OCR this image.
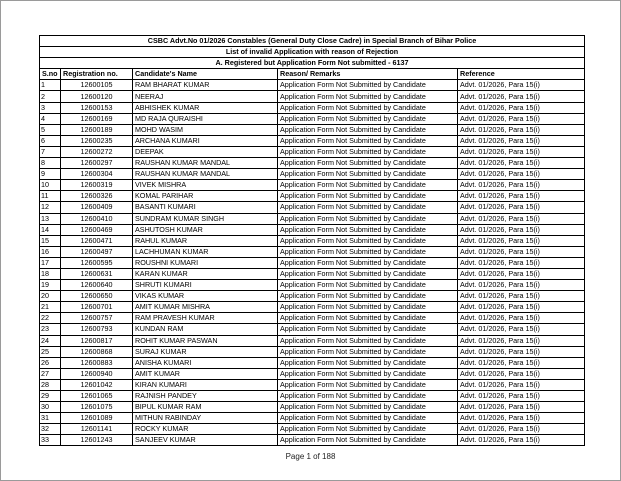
CSBC Advt.No 01/2026 Constables (General Duty Close Cadre) in Special Branch of Bihar Police				
List of invalid Application with reason of Rejection				
A. Registered but Application Form Not submitted - 6137				
S.no	Registration no.	Candidate's Name	Reason/ Remarks	Reference
1	12600105	RAM BHARAT KUMAR	Application Form Not Submitted by Candidate	Advt. 01/2026, Para 15(i)
2	12600120	NEERAJ	Application Form Not Submitted by Candidate	Advt. 01/2026, Para 15(i)
3	12600153	ABHISHEK KUMAR	Application Form Not Submitted by Candidate	Advt. 01/2026, Para 15(i)
4	12600169	MD RAJA QURAISHI	Application Form Not Submitted by Candidate	Advt. 01/2026, Para 15(i)
5	12600189	MOHD WASIM	Application Form Not Submitted by Candidate	Advt. 01/2026, Para 15(i)
6	12600235	ARCHANA KUMARI	Application Form Not Submitted by Candidate	Advt. 01/2026, Para 15(i)
7	12600272	DEEPAK	Application Form Not Submitted by Candidate	Advt. 01/2026, Para 15(i)
8	12600297	RAUSHAN KUMAR MANDAL	Application Form Not Submitted by Candidate	Advt. 01/2026, Para 15(i)
9	12600304	RAUSHAN KUMAR MANDAL	Application Form Not Submitted by Candidate	Advt. 01/2026, Para 15(i)
10	12600319	VIVEK MISHRA	Application Form Not Submitted by Candidate	Advt. 01/2026, Para 15(i)
11	12600326	KOMAL PARIHAR	Application Form Not Submitted by Candidate	Advt. 01/2026, Para 15(i)
12	12600409	BASANTI KUMARI	Application Form Not Submitted by Candidate	Advt. 01/2026, Para 15(i)
13	12600410	SUNDRAM KUMAR SINGH	Application Form Not Submitted by Candidate	Advt. 01/2026, Para 15(i)
14	12600469	ASHUTOSH KUMAR	Application Form Not Submitted by Candidate	Advt. 01/2026, Para 15(i)
15	12600471	RAHUL KUMAR	Application Form Not Submitted by Candidate	Advt. 01/2026, Para 15(i)
16	12600497	LACHHUMAN KUMAR	Application Form Not Submitted by Candidate	Advt. 01/2026, Para 15(i)
17	12600595	ROUSHNI KUMARI	Application Form Not Submitted by Candidate	Advt. 01/2026, Para 15(i)
18	12600631	KARAN KUMAR	Application Form Not Submitted by Candidate	Advt. 01/2026, Para 15(i)
19	12600640	SHRUTI KUMARI	Application Form Not Submitted by Candidate	Advt. 01/2026, Para 15(i)
20	12600650	VIKAS KUMAR	Application Form Not Submitted by Candidate	Advt. 01/2026, Para 15(i)
21	12600701	AMIT KUMAR MISHRA	Application Form Not Submitted by Candidate	Advt. 01/2026, Para 15(i)
22	12600757	RAM PRAVESH KUMAR	Application Form Not Submitted by Candidate	Advt. 01/2026, Para 15(i)
23	12600793	KUNDAN RAM	Application Form Not Submitted by Candidate	Advt. 01/2026, Para 15(i)
24	12600817	ROHIT KUMAR PASWAN	Application Form Not Submitted by Candidate	Advt. 01/2026, Para 15(i)
25	12600868	SURAJ KUMAR	Application Form Not Submitted by Candidate	Advt. 01/2026, Para 15(i)
26	12600883	ANISHA KUMARI	Application Form Not Submitted by Candidate	Advt. 01/2026, Para 15(i)
27	12600940	AMIT KUMAR	Application Form Not Submitted by Candidate	Advt. 01/2026, Para 15(i)
28	12601042	KIRAN KUMARI	Application Form Not Submitted by Candidate	Advt. 01/2026, Para 15(i)
29	12601065	RAJNISH PANDEY	Application Form Not Submitted by Candidate	Advt. 01/2026, Para 15(i)
30	12601075	BIPUL KUMAR RAM	Application Form Not Submitted by Candidate	Advt. 01/2026, Para 15(i)
31	12601089	MITHUN RABINDAY	Application Form Not Submitted by Candidate	Advt. 01/2026, Para 15(i)
32	12601141	ROCKY KUMAR	Application Form Not Submitted by Candidate	Advt. 01/2026, Para 15(i)
33	12601243	SANJEEV KUMAR	Application Form Not Submitted by Candidate	Advt. 01/2026, Para 15(i)
Page 1 of 188
